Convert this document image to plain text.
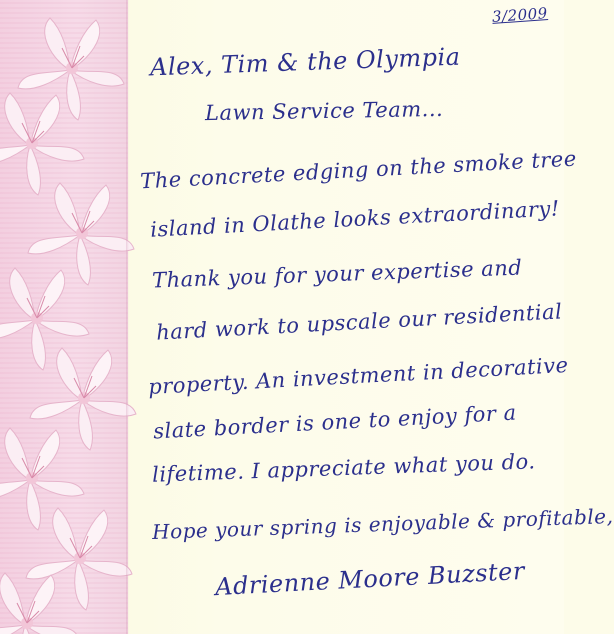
3/2009
Alex, Tim & the Olympia
Lawn Service Team...
The concrete edging on the smoke tree
island in Olathe looks extraordinary!
Thank you for your expertise and
hard work to upscale our residential
property. An investment in decorative
slate border is one to enjoy for a
lifetime. I appreciate what you do.
Hope your spring is enjoyable & profitable,
Adrienne Moore Buzster
